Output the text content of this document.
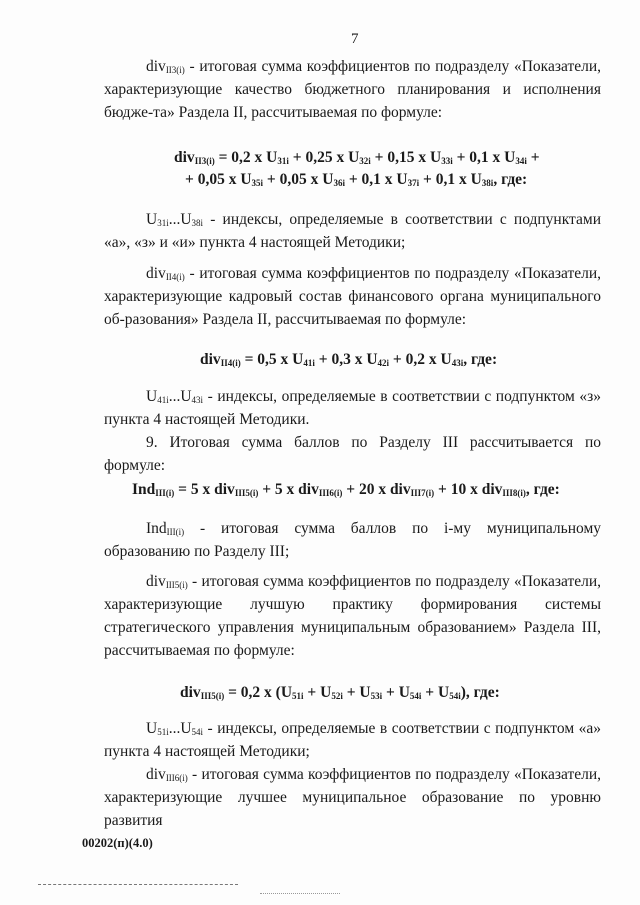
7

div$_{II3(i)}$ - итоговая сумма коэффициентов по подразделу «Показатели, характеризующие качество бюджетного планирования и исполнения бюдже-та» Раздела II, рассчитываемая по формуле:

div$_{II3(i)}$ = 0,2 x $U_{31i} + 0,25$ x $U_{32i} + 0,15$ x $U_{33i} + 0,1$ x $U_{34i}$ +

+ 0,05 x $U_{35i} + 0,05$ x $U_{36i} + 0,1$ x $U_{37i} + 0,1$ x $U_{38i}$, где:

$U_{31i}...U_{38i}$ - индексы, определяемые в соответствии с подпунктами «а», «з» и «и» пункта 4 настоящей Методики;

div$_{II4(i)}$ - итоговая сумма коэффициентов по подразделу «Показатели, характеризующие кадровый состав финансового органа муниципального об-разования» Раздела II, рассчитываемая по формуле:

div$_{II4(i)}$ = 0,5 x $U_{41i} + 0,3$ x $U_{42i} + 0,2$ x $U_{43i}$, где:

$U_{41i}...U_{43i}$ - индексы, определяемые в соответствии с подпунктом «з» пункта 4 настоящей Методики.

9. Итоговая сумма баллов по Разделу III рассчитывается по формуле:

Ind$_{III(i)}$ = 5 x div$_{III5(i)}$ + 5 x div$_{III6(i)}$ + 20 x div$_{III7(i)}$ + 10 x div$_{III8(i)}$, где:

Ind$_{III(i)}$ - итоговая сумма баллов по i-му муниципальному образованию по Разделу III;

div$_{III5(i)}$ - итоговая сумма коэффициентов по подразделу «Показатели, характеризующие лучшую практику формирования системы стратегического управления муниципальным образованием» Раздела III, рассчитываемая по формуле:

div$_{III5(i)}$ = 0,2 x $(U_{51i} + U_{52i} + U_{53i} + U_{54i} + U_{54i})$, где:

$U_{51i}...U_{54i}$ - индексы, определяемые в соответствии с подпунктом «а» пункта 4 настоящей Методики;

div$_{III6(i)}$ - итоговая сумма коэффициентов по подразделу «Показатели, характеризующие лучшее муниципальное образование по уровню развития

00202(п)(4.0)
